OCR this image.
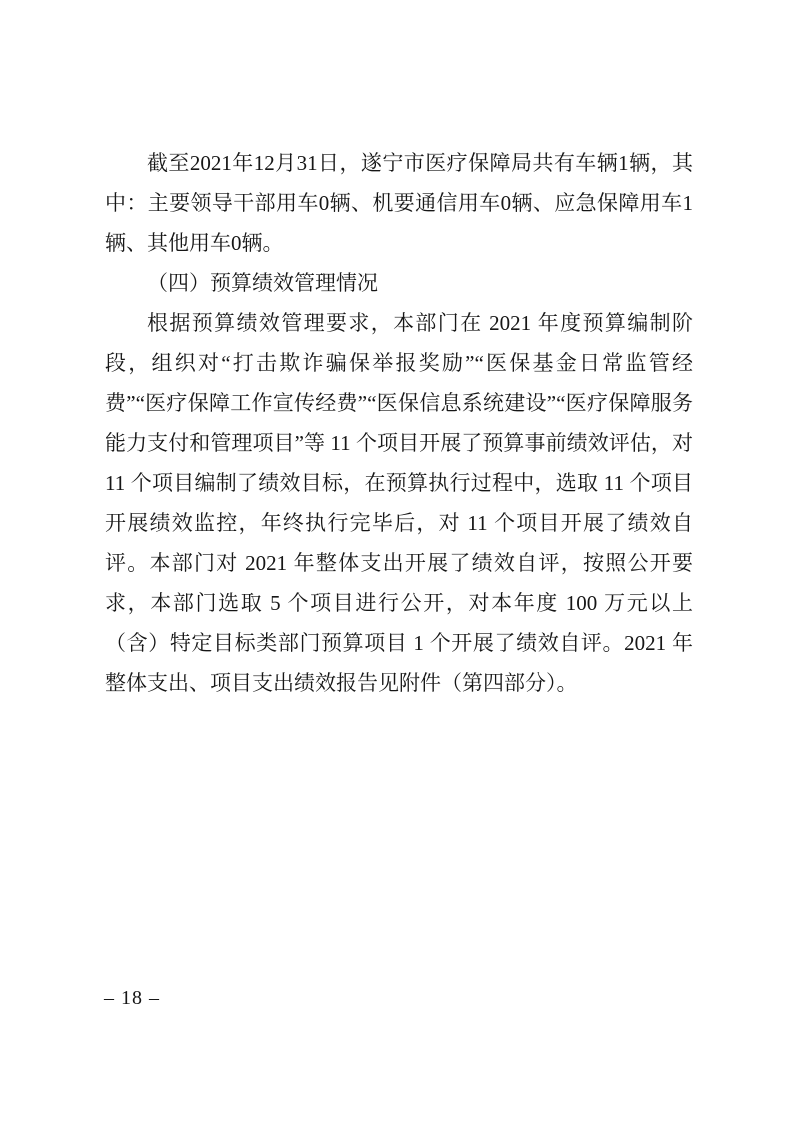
截至2021年12月31日，遂宁市医疗保障局共有车辆1辆，其中：主要领导干部用车0辆、机要通信用车0辆、应急保障用车1辆、其他用车0辆。

（四）预算绩效管理情况

根据预算绩效管理要求，本部门在 2021 年度预算编制阶段，组织对“打击欺诈骗保举报奖励”“医保基金日常监管经费”“医疗保障工作宣传经费”“医保信息系统建设”“医疗保障服务能力支付和管理项目”等 11 个项目开展了预算事前绩效评估，对 11 个项目编制了绩效目标，在预算执行过程中，选取 11 个项目开展绩效监控，年终执行完毕后，对 11 个项目开展了绩效自评。本部门对 2021 年整体支出开展了绩效自评，按照公开要求，本部门选取 5 个项目进行公开，对本年度 100 万元以上（含）特定目标类部门预算项目 1 个开展了绩效自评。2021 年整体支出、项目支出绩效报告见附件（第四部分）。

– 18 –
